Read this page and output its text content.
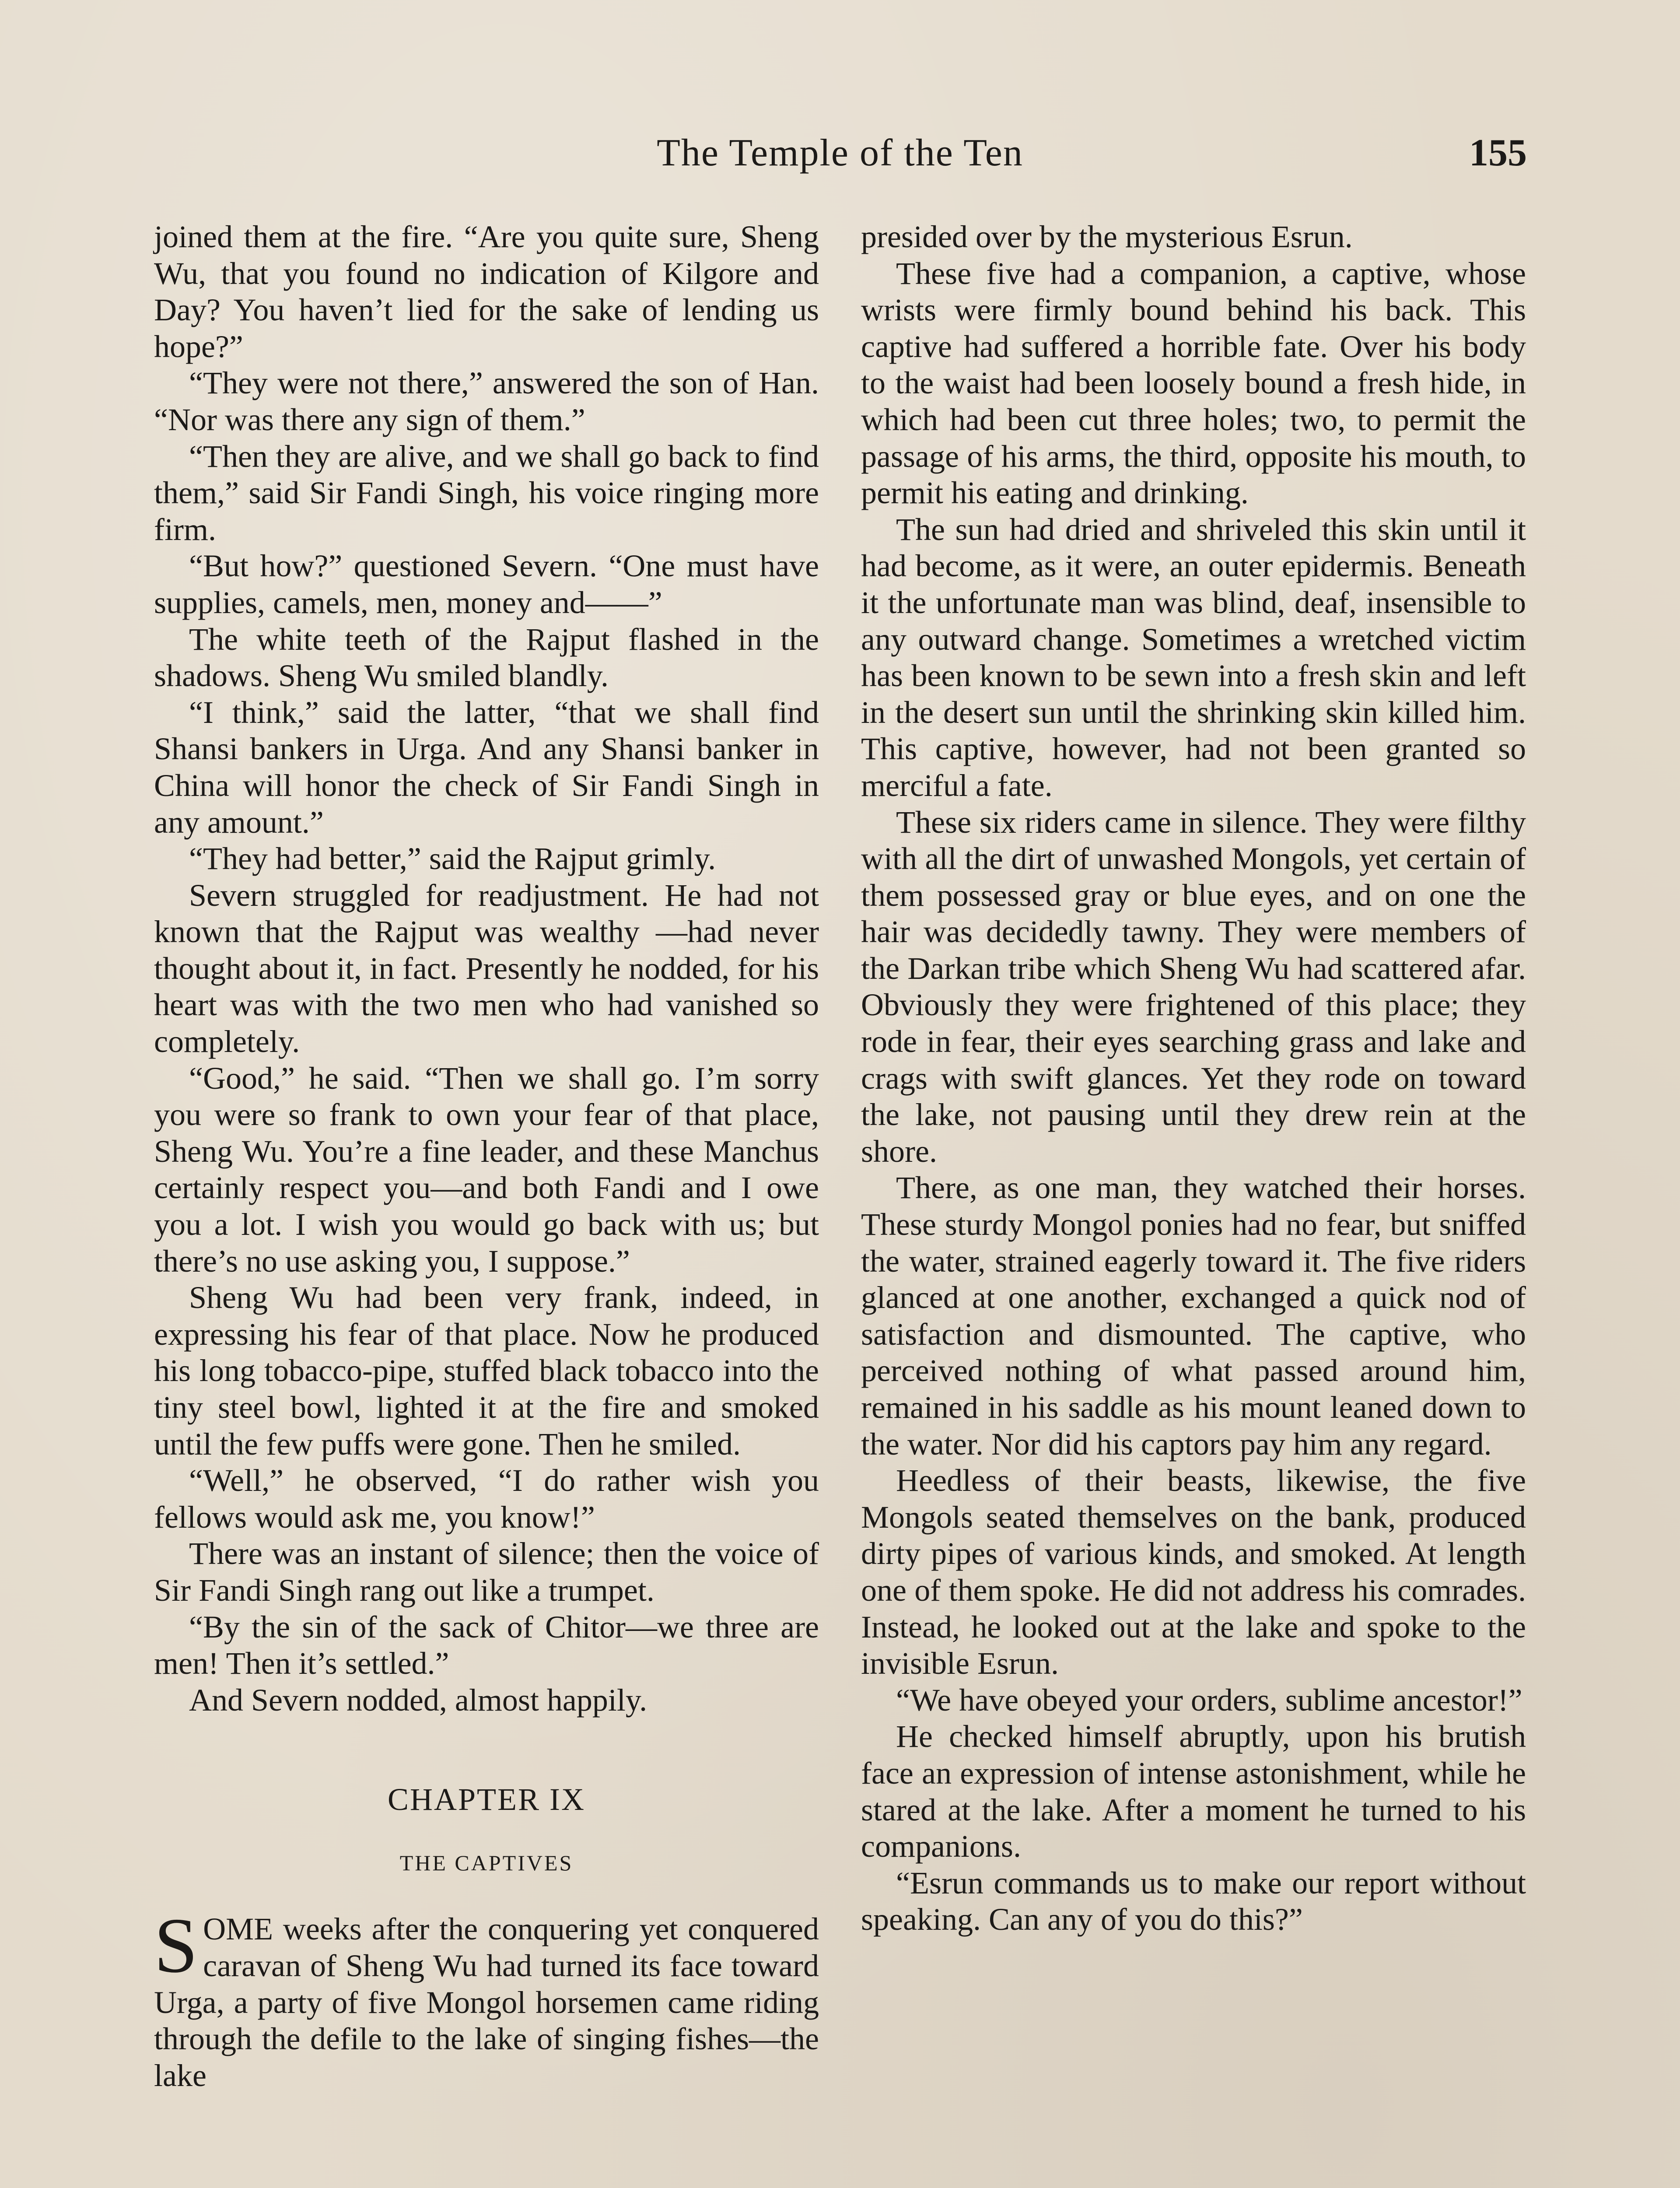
The Temple of the Ten	155

joined them at the fire. “Are you quite sure, Sheng Wu, that you found no indication of Kilgore and Day? You haven’t lied for the sake of lending us hope?”

“They were not there,” answered the son of Han. “Nor was there any sign of them.”

“Then they are alive, and we shall go back to find them,” said Sir Fandi Singh, his voice ringing more firm.

“But how?” questioned Severn. “One must have supplies, camels, men, money and——”

The white teeth of the Rajput flashed in the shadows. Sheng Wu smiled blandly.

“I think,” said the latter, “that we shall find Shansi bankers in Urga. And any Shansi banker in China will honor the check of Sir Fandi Singh in any amount.”

“They had better,” said the Rajput grimly.

Severn struggled for readjustment. He had not known that the Rajput was wealthy —had never thought about it, in fact. Presently he nodded, for his heart was with the two men who had vanished so completely.

“Good,” he said. “Then we shall go. I’m sorry you were so frank to own your fear of that place, Sheng Wu. You’re a fine leader, and these Manchus certainly respect you—and both Fandi and I owe you a lot. I wish you would go back with us; but there’s no use asking you, I suppose.”

Sheng Wu had been very frank, indeed, in expressing his fear of that place. Now he produced his long tobacco-pipe, stuffed black tobacco into the tiny steel bowl, lighted it at the fire and smoked until the few puffs were gone. Then he smiled.

“Well,” he observed, “I do rather wish you fellows would ask me, you know!”

There was an instant of silence; then the voice of Sir Fandi Singh rang out like a trumpet.

“By the sin of the sack of Chitor—we three are men! Then it’s settled.”

And Severn nodded, almost happily.

CHAPTER IX
THE CAPTIVES

SOME weeks after the conquering yet conquered caravan of Sheng Wu had turned its face toward Urga, a party of five Mongol horsemen came riding through the defile to the lake of singing fishes—the lake

presided over by the mysterious Esrun.

These five had a companion, a captive, whose wrists were firmly bound behind his back. This captive had suffered a horrible fate. Over his body to the waist had been loosely bound a fresh hide, in which had been cut three holes; two, to permit the passage of his arms, the third, opposite his mouth, to permit his eating and drinking.

The sun had dried and shriveled this skin until it had become, as it were, an outer epidermis. Beneath it the unfortunate man was blind, deaf, insensible to any outward change. Sometimes a wretched victim has been known to be sewn into a fresh skin and left in the desert sun until the shrinking skin killed him. This captive, however, had not been granted so merciful a fate.

These six riders came in silence. They were filthy with all the dirt of unwashed Mongols, yet certain of them possessed gray or blue eyes, and on one the hair was decidedly tawny. They were members of the Darkan tribe which Sheng Wu had scattered afar. Obviously they were frightened of this place; they rode in fear, their eyes searching grass and lake and crags with swift glances. Yet they rode on toward the lake, not pausing until they drew rein at the shore.

There, as one man, they watched their horses. These sturdy Mongol ponies had no fear, but sniffed the water, strained eagerly toward it. The five riders glanced at one another, exchanged a quick nod of satisfaction and dismounted. The captive, who perceived nothing of what passed around him, remained in his saddle as his mount leaned down to the water. Nor did his captors pay him any regard.

Heedless of their beasts, likewise, the five Mongols seated themselves on the bank, produced dirty pipes of various kinds, and smoked. At length one of them spoke. He did not address his comrades. Instead, he looked out at the lake and spoke to the invisible Esrun.

“We have obeyed your orders, sublime ancestor!”

He checked himself abruptly, upon his brutish face an expression of intense astonishment, while he stared at the lake. After a moment he turned to his companions.

“Esrun commands us to make our report without speaking. Can any of you do this?”
